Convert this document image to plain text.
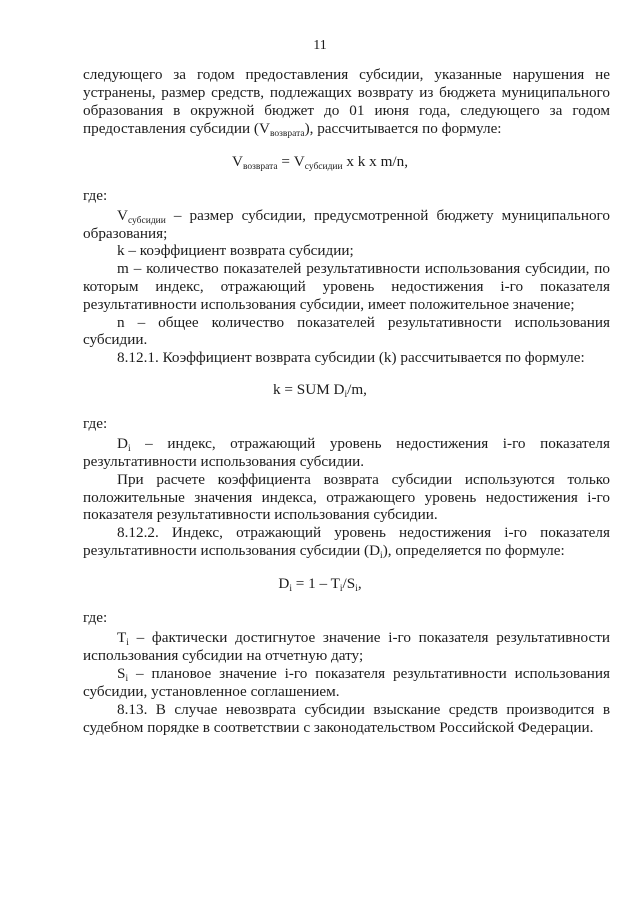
11
следующего за годом предоставления субсидии, указанные нарушения не
устранены, размер средств, подлежащих возврату из бюджета муниципального
образования в окружной бюджет до 01 июня года, следующего за годом
предоставления субсидии $(V_{возврата})$, рассчитывается по формуле:
$V_{возврата} = V_{субсидии}$ x k x m/n,
где:
$V_{субсидии}$ – размер субсидии, предусмотренной бюджету муниципального
образования;
k – коэффициент возврата субсидии;
m – количество показателей результативности использования субсидии, по
которым индекс, отражающий уровень недостижения i-го показателя
результативности использования субсидии, имеет положительное значение;
n – общее количество показателей результативности использования
субсидии.
8.12.1. Коэффициент возврата субсидии (k) рассчитывается по формуле:
k = SUM $D_i/m$,
где:
$D_i$ – индекс, отражающий уровень недостижения i-го показателя
результативности использования субсидии.
При расчете коэффициента возврата субсидии используются только
положительные значения индекса, отражающего уровень недостижения i-го
показателя результативности использования субсидии.
8.12.2. Индекс, отражающий уровень недостижения i-го показателя
результативности использования субсидии $(D_i)$, определяется по формуле:
$D_i = 1 - T_i/S_i$,
где:
$T_i$ – фактически достигнутое значение i-го показателя результативности
использования субсидии на отчетную дату;
$S_i$ – плановое значение i-го показателя результативности использования
субсидии, установленное соглашением.
8.13. В случае невозврата субсидии взыскание средств производится в
судебном порядке в соответствии с законодательством Российской Федерации.
